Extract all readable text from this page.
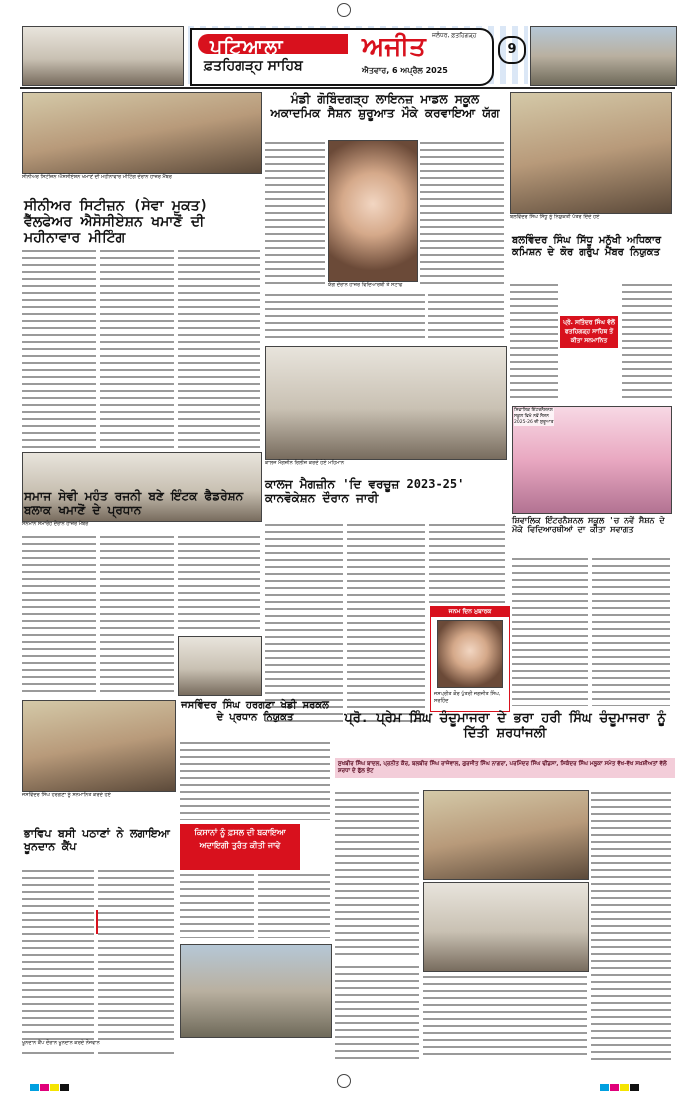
ਪਟਿਆਲਾ
ਫ਼ਤਹਿਗੜ੍ਹ ਸਾਹਿਬ
ਅਜੀਤ
ਐਤਵਾਰ, 6 ਅਪ੍ਰੈਲ 2025
ਜਲੰਧਰ, ਫ਼ਤਹਿਗੜ੍ਹ
9
ਸੀਨੀਅਰ ਸਿਟੀਜ਼ਨ ਐਸੋਸੀਏਸ਼ਨ ਖਮਾਣੋਂ ਦੀ ਮਹੀਨਾਵਾਰ ਮੀਟਿੰਗ ਦੌਰਾਨ ਹਾਜ਼ਰ ਮੈਂਬਰ
ਸੀਨੀਅਰ ਸਿਟੀਜ਼ਨ (ਸੇਵਾ ਮੁਕਤ) ਵੈੱਲਫੇਅਰ ਐਸੋਸੀਏਸ਼ਨ ਖਮਾਣੋਂ ਦੀ ਮਹੀਨਾਵਾਰ ਮੀਟਿੰਗ
ਸਨਮਾਨ ਸਮਾਰੋਹ ਦੌਰਾਨ ਹਾਜ਼ਰ ਮੈਂਬਰ
ਮੰਡੀ ਗੋਬਿੰਦਗੜ੍ਹ ਲਾਇਨਜ਼ ਮਾਡਲ ਸਕੂਲ ਅਕਾਦਮਿਕ ਸੈਸ਼ਨ ਸ਼ੁਰੂਆਤ ਮੌਕੇ ਕਰਵਾਇਆ ਯੱਗ
ਯੱਗ ਦੌਰਾਨ ਹਾਜ਼ਰ ਵਿਦਿਆਰਥੀ ਤੇ ਸਟਾਫ
ਬਲਵਿੰਦਰ ਸਿੰਘ ਸਿੱਧੂ ਨੂੰ ਨਿਯੁਕਤੀ ਪੱਤਰ ਦਿੰਦੇ ਹੋਏ
ਬਲਵਿੰਦਰ ਸਿੰਘ ਸਿੱਧੂ ਮਨੁੱਖੀ ਅਧਿਕਾਰ ਕਮਿਸ਼ਨ ਦੇ ਕੋਰ ਗਰੁੱਪ ਮੈਂਬਰ ਨਿਯੁਕਤ
ਪ੍ਰੋ. ਸਤਿੰਦਰ ਸਿੰਘ ਵੱਲੋਂ ਫਤਹਿਗੜ੍ਹ ਸਾਹਿਬ ਤੋਂ ਕੀਤਾ ਸਨਮਾਨਿਤ
ਕਾਲਜ ਮੈਗਜ਼ੀਨ ਰਿਲੀਜ਼ ਕਰਦੇ ਹੋਏ ਮਹਿਮਾਨ
ਕਾਲਜ ਮੈਗਜ਼ੀਨ 'ਦਿ ਵਰਚੂਜ਼ 2023-25' ਕਾਨਵੋਕੇਸ਼ਨ ਦੌਰਾਨ ਜਾਰੀ
ਜਨਮ ਦਿਨ ਮੁਬਾਰਕ
ਜਸਪ੍ਰੀਤ ਕੌਰ ਪੁੱਤਰੀ ਜਗਜੀਤ ਸਿੰਘ, ਸਰਹਿੰਦ
ਸਮਾਜ ਸੇਵੀ ਮਹੰਤ ਰਜਨੀ ਬਣੇ ਇੰਟਕ ਫੈਡਰੇਸ਼ਨ ਬਲਾਕ ਖਮਾਣੋਂ ਦੇ ਪ੍ਰਧਾਨ
ਸਿਵਾਲਿਕ ਇੰਟਰਨੈਸ਼ਨਲ ਸਕੂਲ ਵਿਖੇ ਨਵੇਂ ਸੈਸ਼ਨ 2025-26 ਦੀ ਸ਼ੁਰੂਆਤ
ਸ਼ਿਵਾਲਿਕ ਇੰਟਰਨੈਸ਼ਨਲ ਸਕੂਲ 'ਚ ਨਵੇਂ ਸੈਸ਼ਨ ਦੇ ਮੌਕੇ ਵਿਦਿਆਰਥੀਆਂ ਦਾ ਕੀਤਾ ਸਵਾਗਤ
ਜਸਵਿੰਦਰ ਸਿੰਘ ਹਰਗਣਾ ਖੇਡੀ ਸਰਕਲ ਦੇ ਪ੍ਰਧਾਨ ਨਿਯੁਕਤ
ਜਸਵਿੰਦਰ ਸਿੰਘ ਹਰਗਣਾ ਨੂੰ ਸਨਮਾਨਿਤ ਕਰਦੇ ਹੋਏ
ਪ੍ਰੋ. ਪ੍ਰੇਮ ਸਿੰਘ ਚੰਦੂਮਾਜਰਾ ਦੇ ਭਰਾ ਹਰੀ ਸਿੰਘ ਚੰਦੂਮਾਜਰਾ ਨੂੰ ਦਿੱਤੀ ਸ਼ਰਧਾਂਜਲੀ
ਸੁਖਬੀਰ ਸਿੰਘ ਬਾਦਲ, ਪ੍ਰਨੀਤ ਕੌਰ, ਬਲਬੀਰ ਸਿੰਘ ਰਾਜੇਵਾਲ, ਗੁਰਜੀਤ ਸਿੰਘ ਨਾਗਰਾ, ਪਰਮਿੰਦਰ ਸਿੰਘ ਢੀਂਡਸਾ, ਸਿਕੰਦਰ ਸਿੰਘ ਮਲੂਕਾ ਸਮੇਤ ਵੱਖ-ਵੱਖ ਸਖ਼ਸ਼ੀਅਤਾਂ ਵੱਲੋਂ ਸ਼ਰਧਾ ਦੇ ਫੁੱਲ ਭੇਟ
ਕਿਸਾਨਾਂ ਨੂੰ ਫ਼ਸਲ ਦੀ ਬਕਾਇਆ ਅਦਾਇਗੀ ਤੁਰੰਤ ਕੀਤੀ ਜਾਵੇ
ਭਾਵਿਪ ਬਸੀ ਪਠਾਣਾਂ ਨੇ ਲਗਾਇਆ ਖੂਨਦਾਨ ਕੈਂਪ
ਖੂਨਦਾਨ ਕੈਂਪ ਦੌਰਾਨ ਖੂਨਦਾਨ ਕਰਦੇ ਨੌਜਵਾਨ
